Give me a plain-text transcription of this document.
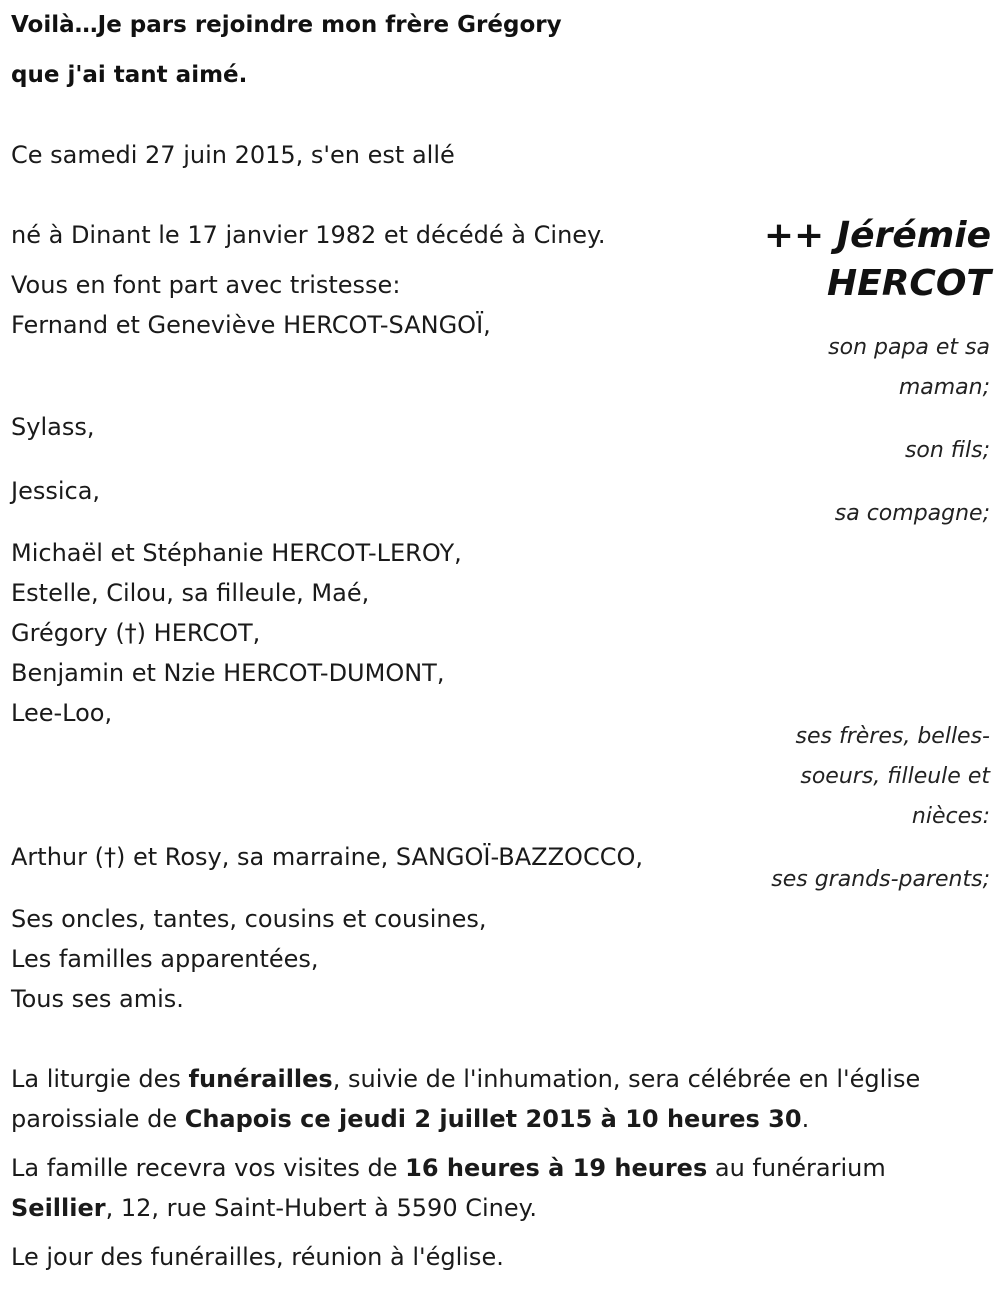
Voilà…Je pars rejoindre mon frère Grégory
que j'ai tant aimé.
Ce samedi 27 juin 2015, s'en est allé
++ Jérémie
HERCOT
né à Dinant le 17 janvier 1982 et décédé à Ciney.
Vous en font part avec tristesse:
Fernand et Geneviève HERCOT-SANGOÏ,
son papa et sa
maman;
Sylass,
son fils;
Jessica,
sa compagne;
Michaël et Stéphanie HERCOT-LEROY,
Estelle, Cilou, sa filleule, Maé,
Grégory (†) HERCOT,
Benjamin et Nzie HERCOT-DUMONT,
Lee-Loo,
ses frères, belles-
soeurs, filleule et
nièces:
Arthur (†) et Rosy, sa marraine, SANGOÏ-BAZZOCCO,
ses grands-parents;
Ses oncles, tantes, cousins et cousines,
Les familles apparentées,
Tous ses amis.
La liturgie des funérailles, suivie de l'inhumation, sera célébrée en l'église
paroissiale de Chapois ce jeudi 2 juillet 2015 à 10 heures 30.
La famille recevra vos visites de 16 heures à 19 heures au funérarium
Seillier, 12, rue Saint-Hubert à 5590 Ciney.
Le jour des funérailles, réunion à l'église.
